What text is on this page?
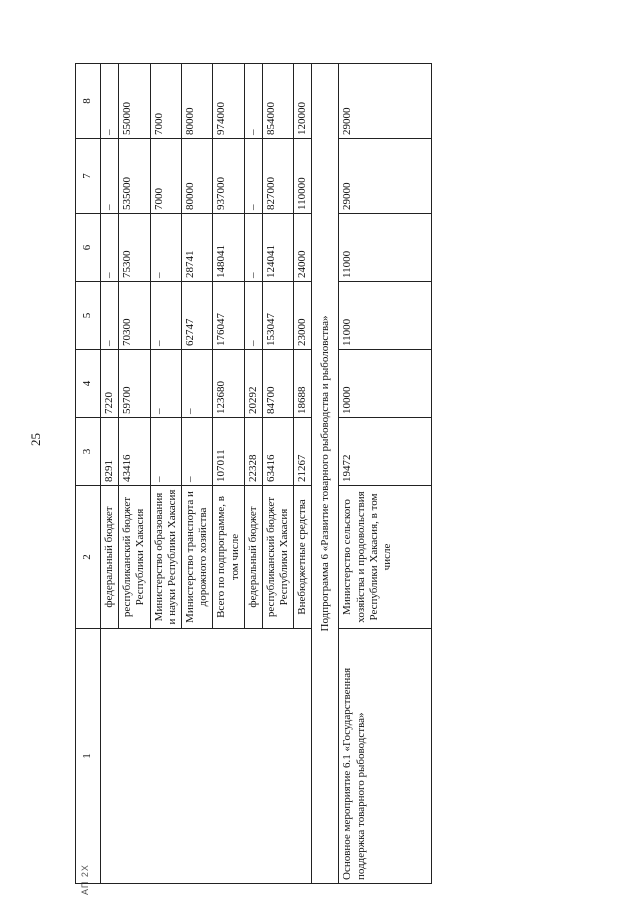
25
АП 2Х
1	2	3	4	5	6	7	8
	федеральный бюджет	8291	7220	–	–	–	–
	республиканский бюджет Республики Хакасия	43416	59700	70300	75300	535000	550000
	Министерство образования и науки Республики Хакасия	–	–	–	–	7000	7000
	Министерство транспорта и дорожного хозяйства	–	–	62747	28741	80000	80000
	Всего по подпрограмме, в том числе	107011	123680	176047	148041	937000	974000
	федеральный бюджет	22328	20292	–	–	–	–
	республиканский бюджет Республики Хакасия	63416	84700	153047	124041	827000	854000
	Внебюджетные средства	21267	18688	23000	24000	110000	120000
Подпрограмма 6 «Развитие товарного рыбоводства и рыболовства»							
Основное мероприятие 6.1 «Государственная поддержка товарного рыбоводства»	Министерство сельского хозяйства и продовольствия Республики Хакасия, в том числе	19472	10000	11000	11000	29000	29000
